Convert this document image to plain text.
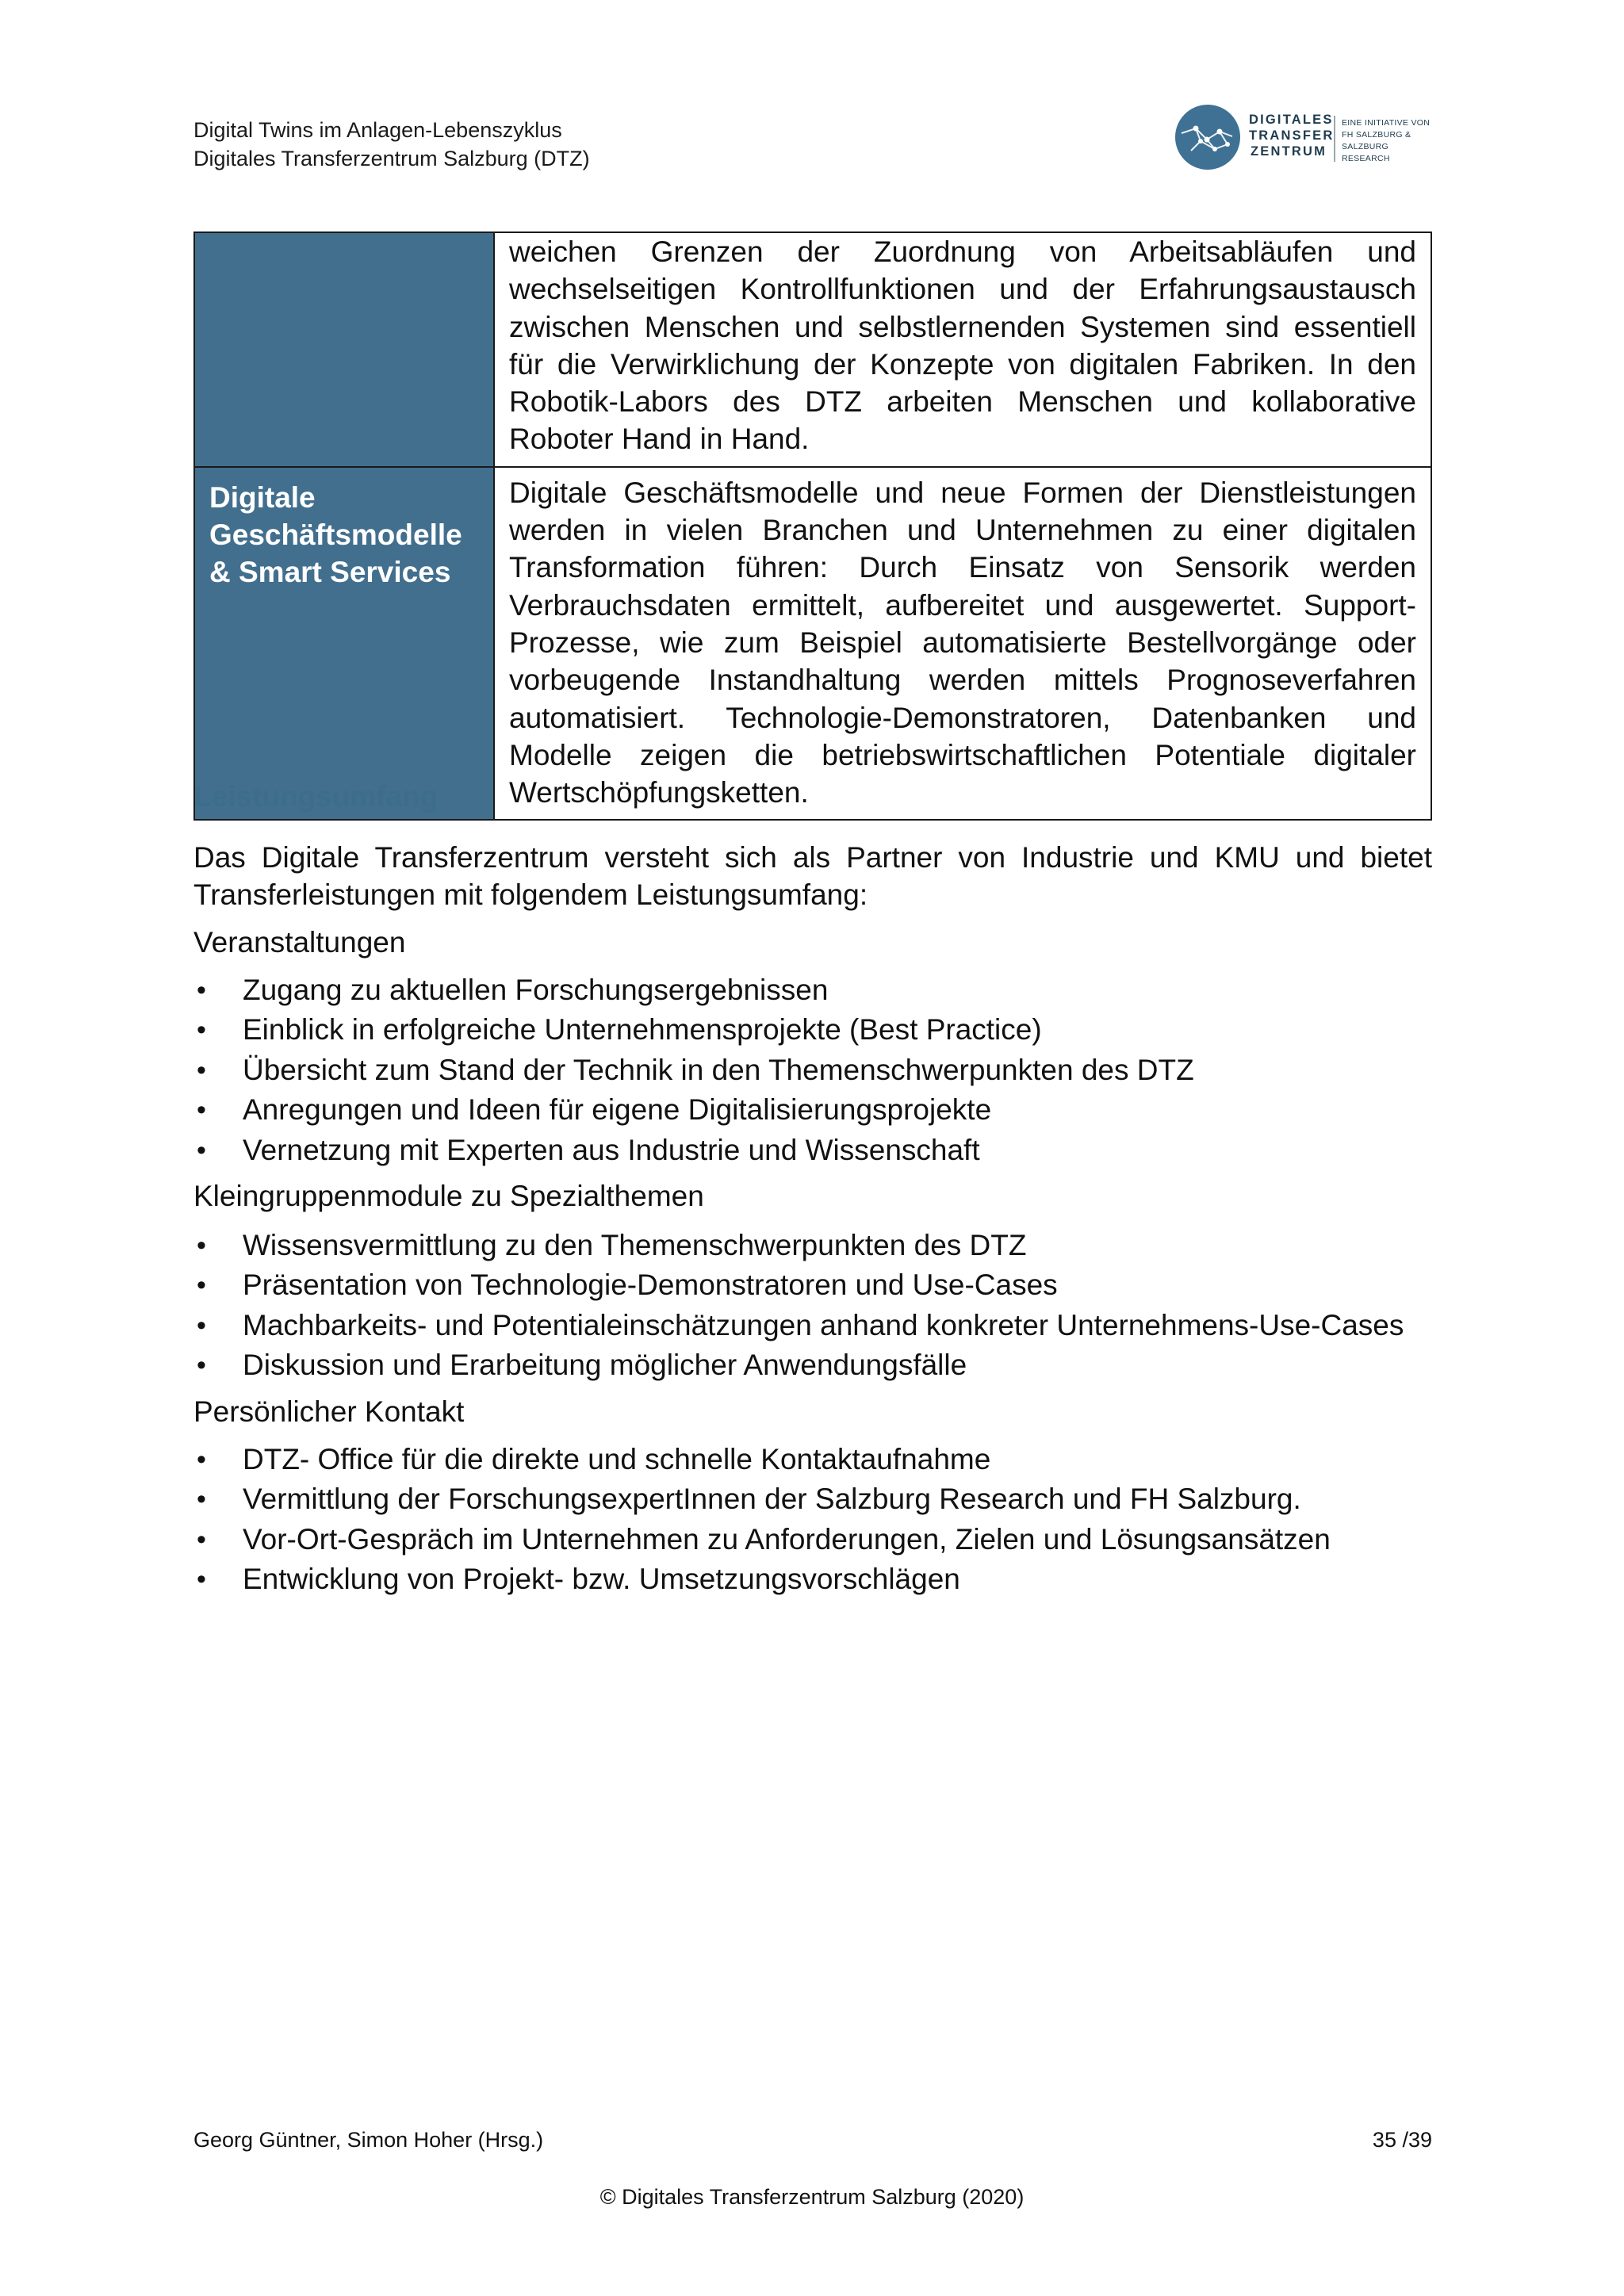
Digital Twins im Anlagen-Lebenszyklus
Digitales Transferzentrum Salzburg (DTZ)
DIGITALES
TRANSFER
ZENTRUM
EINE INITIATIVE VON
FH SALZBURG &
SALZBURG RESEARCH
	weichen Grenzen der Zuordnung von Arbeitsabläufen und wechselseitigen Kontrollfunktionen und der Erfahrungsaustausch zwischen Menschen und selbstlernenden Systemen sind essentiell für die Verwirklichung der Konzepte von digitalen Fabriken. In den Robotik-Labors des DTZ arbeiten Menschen und kollaborative Roboter Hand in Hand.
Digitale Geschäftsmodelle & Smart Services	Digitale Geschäftsmodelle und neue Formen der Dienstleistungen werden in vielen Branchen und Unternehmen zu einer digitalen Transformation führen: Durch Einsatz von Sensorik werden Verbrauchsdaten ermittelt, aufbereitet und ausgewertet. Support-Prozesse, wie zum Beispiel automatisierte Bestellvorgänge oder vorbeugende Instandhaltung werden mittels Prognoseverfahren automatisiert. Technologie-Demonstratoren, Datenbanken und Modelle zeigen die betriebswirtschaftlichen Potentiale digitaler Wertschöpfungsketten.
Leistungsumfang
Das Digitale Transferzentrum versteht sich als Partner von Industrie und KMU und bietet Transferleistungen mit folgendem Leistungsumfang:
Veranstaltungen
• Zugang zu aktuellen Forschungsergebnissen
• Einblick in erfolgreiche Unternehmensprojekte (Best Practice)
• Übersicht zum Stand der Technik in den Themenschwerpunkten des DTZ
• Anregungen und Ideen für eigene Digitalisierungsprojekte
• Vernetzung mit Experten aus Industrie und Wissenschaft
Kleingruppenmodule zu Spezialthemen
• Wissensvermittlung zu den Themenschwerpunkten des DTZ
• Präsentation von Technologie-Demonstratoren und Use-Cases
• Machbarkeits- und Potentialeinschätzungen anhand konkreter Unternehmens-Use-Cases
• Diskussion und Erarbeitung möglicher Anwendungsfälle
Persönlicher Kontakt
• DTZ- Office für die direkte und schnelle Kontaktaufnahme
• Vermittlung der ForschungsexpertInnen der Salzburg Research und FH Salzburg.
• Vor-Ort-Gespräch im Unternehmen zu Anforderungen, Zielen und Lösungsansätzen
• Entwicklung von Projekt- bzw. Umsetzungsvorschlägen
Georg Güntner, Simon Hoher (Hrsg.)	35 /39
© Digitales Transferzentrum Salzburg (2020)
